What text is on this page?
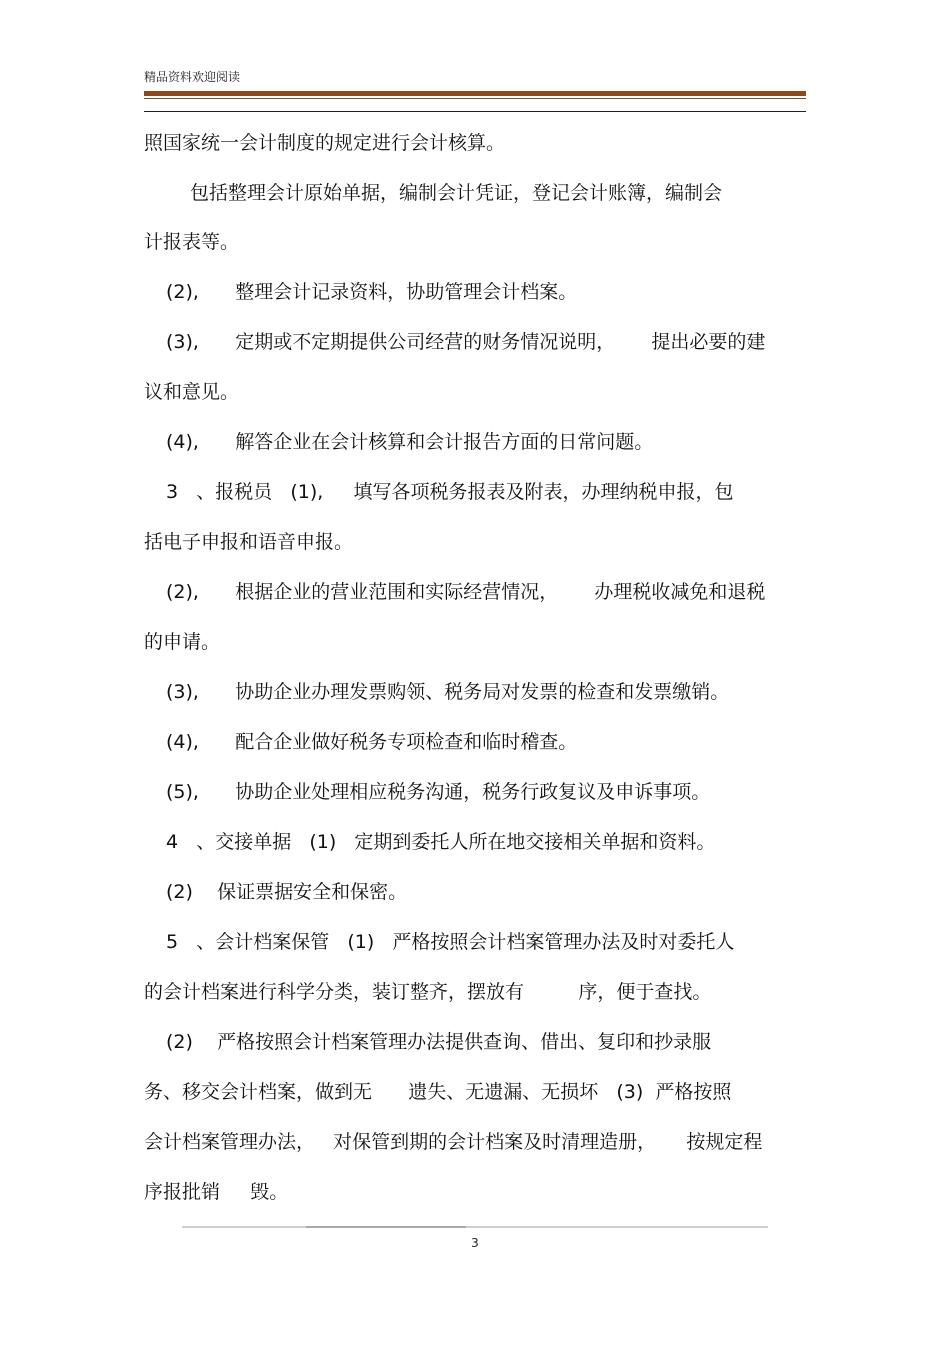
精品资料欢迎阅读
照国家统一会计制度的规定进行会计核算。
包括整理会计原始单据，编制会计凭证，登记会计账簿，编制会
计报表等。
(2),      整理会计记录资料，协助管理会计档案。
(3),      定期或不定期提供公司经营的财务情况说明，      提出必要的建
议和意见。
(4),      解答企业在会计核算和会计报告方面的日常问题。
3   、报税员   (1),     填写各项税务报表及附表，办理纳税申报，包
括电子申报和语音申报。
(2),      根据企业的营业范围和实际经营情况，      办理税收减免和退税
的申请。
(3),      协助企业办理发票购领、税务局对发票的检查和发票缴销。
(4),      配合企业做好税务专项检查和临时稽查。
(5),      协助企业处理相应税务沟通，税务行政复议及申诉事项。
4   、交接单据   (1)   定期到委托人所在地交接相关单据和资料。
(2)    保证票据安全和保密。
5   、会计档案保管   (1)   严格按照会计档案管理办法及时对委托人
的会计档案进行科学分类，装订整齐，摆放有         序，便于查找。
(2)    严格按照会计档案管理办法提供查询、借出、复印和抄录服
务、移交会计档案，做到无      遗失、无遗漏、无损坏   (3)  严格按照
会计档案管理办法，   对保管到期的会计档案及时清理造册，     按规定程
序报批销     毁。
3
